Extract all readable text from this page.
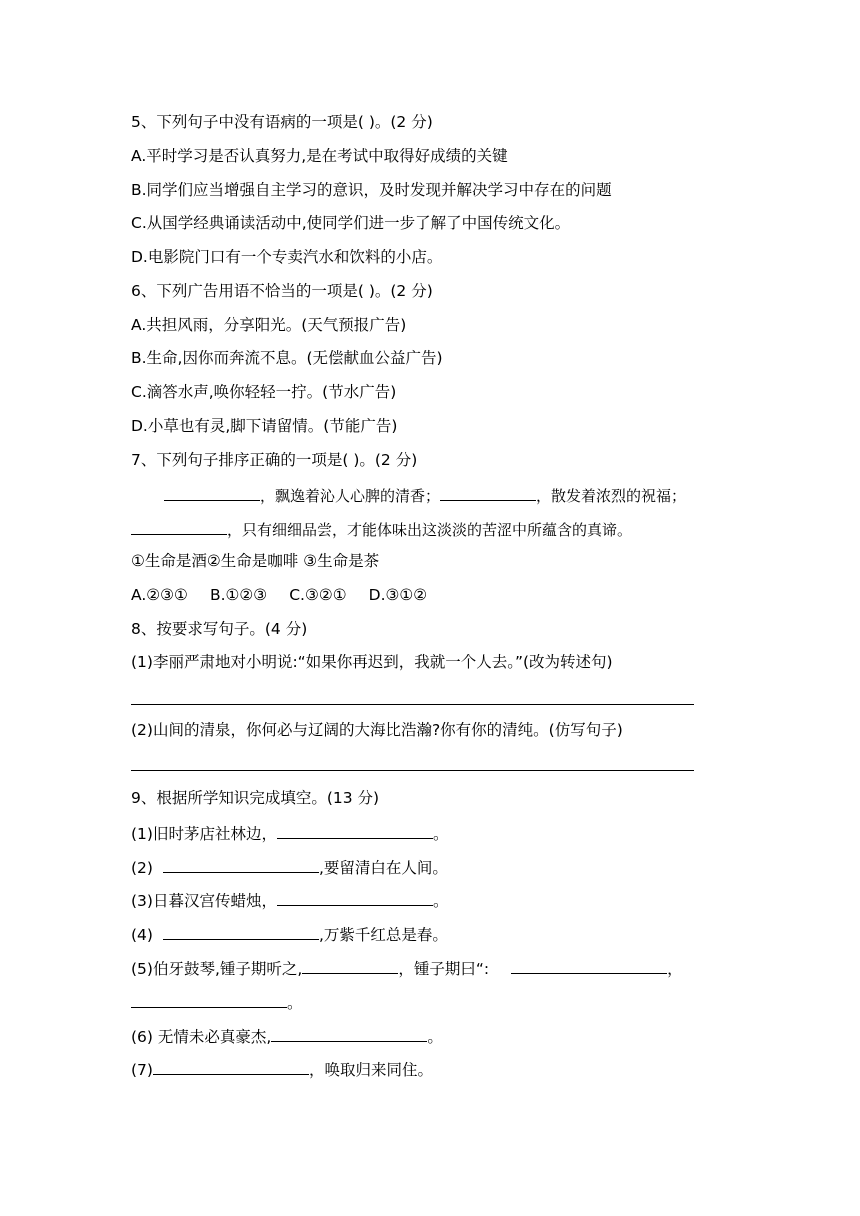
5、下列句子中没有语病的一项是( )。(2 分)
A.平时学习是否认真努力,是在考试中取得好成绩的关键
B.同学们应当增强自主学习的意识，及时发现并解决学习中存在的问题
C.从国学经典诵读活动中,使同学们进一步了解了中国传统文化。
D.电影院门口有一个专卖汽水和饮料的小店。
6、下列广告用语不恰当的一项是( )。(2 分)
A.共担风雨，分享阳光。(天气预报广告)
B.生命,因你而奔流不息。(无偿献血公益广告)
C.滴答水声,唤你轻轻一拧。(节水广告)
D.小草也有灵,脚下请留情。(节能广告)
7、下列句子排序正确的一项是( )。(2 分)
，飘逸着沁人心脾的清香；	，散发着浓烈的祝福；
，只有细细品尝，才能体味出这淡淡的苦涩中所蕴含的真谛。
①生命是酒②生命是咖啡 ③生命是茶
A.②③① B.①②③ C.③②① D.③①②
8、按要求写句子。(4 分)
(1)李丽严肃地对小明说:“如果你再迟到，我就一个人去。”(改为转述句)
(2)山间的清泉，你何必与辽阔的大海比浩瀚?你有你的清纯。(仿写句子)
9、根据所学知识完成填空。(13 分)
(1)旧时茅店社林边，	。
(2)	,要留清白在人间。
(3)日暮汉宫传蜡烛，	。
(4)	,万紫千红总是春。
(5)伯牙鼓琴,锺子期听之,	，锺子期曰“:	，
。
(6) 无情未必真豪杰,	。
(7)	，唤取归来同住。
